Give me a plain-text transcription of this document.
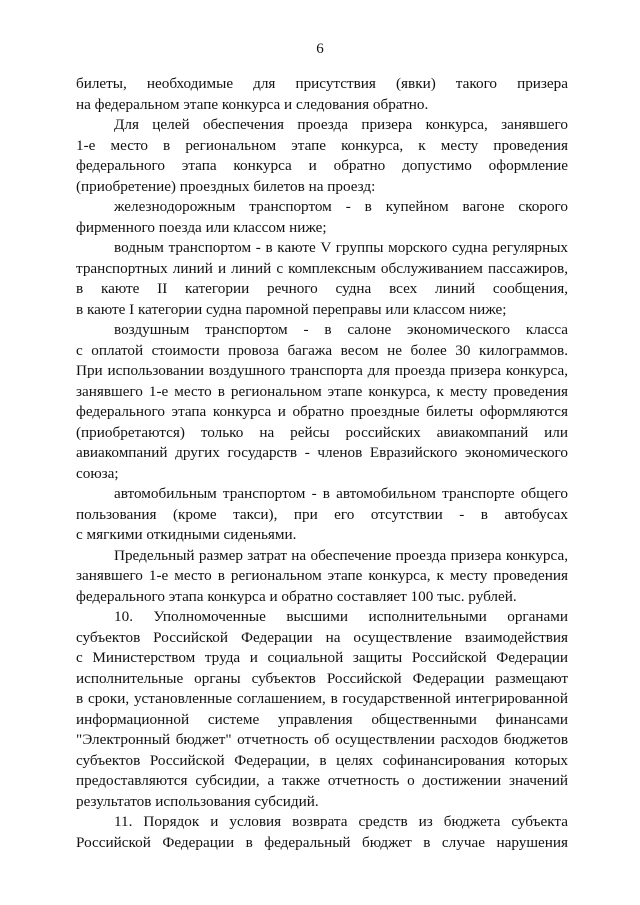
6
билеты, необходимые для присутствия (явки) такого призера
на федеральном этапе конкурса и следования обратно.
Для целей обеспечения проезда призера конкурса, занявшего
1-е место в региональном этапе конкурса, к месту проведения
федерального этапа конкурса и обратно допустимо оформление
(приобретение) проездных билетов на проезд:
железнодорожным транспортом - в купейном вагоне скорого
фирменного поезда или классом ниже;
водным транспортом - в каюте V группы морского судна регулярных
транспортных линий и линий с комплексным обслуживанием пассажиров,
в каюте II категории речного судна всех линий сообщения,
в каюте I категории судна паромной переправы или классом ниже;
воздушным транспортом - в салоне экономического класса
с оплатой стоимости провоза багажа весом не более 30 килограммов.
При использовании воздушного транспорта для проезда призера конкурса,
занявшего 1-е место в региональном этапе конкурса, к месту проведения
федерального этапа конкурса и обратно проездные билеты оформляются
(приобретаются) только на рейсы российских авиакомпаний или
авиакомпаний других государств - членов Евразийского экономического
союза;
автомобильным транспортом - в автомобильном транспорте общего
пользования (кроме такси), при его отсутствии - в автобусах
с мягкими откидными сиденьями.
Предельный размер затрат на обеспечение проезда призера конкурса,
занявшего 1-е место в региональном этапе конкурса, к месту проведения
федерального этапа конкурса и обратно составляет 100 тыс. рублей.
10. Уполномоченные высшими исполнительными органами
субъектов Российской Федерации на осуществление взаимодействия
с Министерством труда и социальной защиты Российской Федерации
исполнительные органы субъектов Российской Федерации размещают
в сроки, установленные соглашением, в государственной интегрированной
информационной системе управления общественными финансами
"Электронный бюджет" отчетность об осуществлении расходов бюджетов
субъектов Российской Федерации, в целях софинансирования которых
предоставляются субсидии, а также отчетность о достижении значений
результатов использования субсидий.
11. Порядок и условия возврата средств из бюджета субъекта
Российской Федерации в федеральный бюджет в случае нарушения
